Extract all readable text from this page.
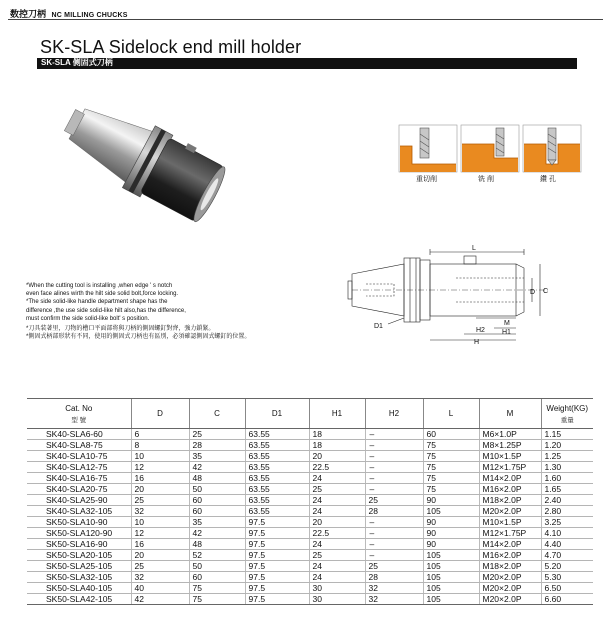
数控刀柄 NC MILLING CHUCKS
SK-SLA Sidelock end mill holder
SK-SLA 侧固式刀柄
重切削	铣 削	鑽 孔
L
D C
D1	M
H2 H1
H
*When the cutting tool is installing ,when edge ' s notch
even face alines wirth the hilt side solid bolt,force locking.
*The side solid-like handle department shape has the
difference ,the use side solid-like hilt also,has the difference,
must confirm the side solid-like bolt' s position.
*刀具装著里，刀物的槽口平面部将與刀柄的側固螺釘對齊，強力鎖緊。
*側固式柄部形狀有不同，使用的側固式刀柄也有區別，必須確認側固式螺釘的位置。
Cat. No
型 號	D	C	D1	H1	H2	L	M	Weight(KG)
重量

SK40-SLA6-60	6	25	63.55	18	–	60	M6×1.0P	1.15
SK40-SLA8-75	8	28	63.55	18	–	75	M8×1.25P	1.20
SK40-SLA10-75	10	35	63.55	20	–	75	M10×1.5P	1.25
SK40-SLA12-75	12	42	63.55	22.5	–	75	M12×1.75P	1.30
SK40-SLA16-75	16	48	63.55	24	–	75	M14×2.0P	1.60
SK40-SLA20-75	20	50	63.55	25	–	75	M16×2.0P	1.65
SK40-SLA25-90	25	60	63.55	24	25	90	M18×2.0P	2.40
SK40-SLA32-105	32	60	63.55	24	28	105	M20×2.0P	2.80
SK50-SLA10-90	10	35	97.5	20	–	90	M10×1.5P	3.25
SK50-SLA120-90	12	42	97.5	22.5	–	90	M12×1.75P	4.10
SK50-SLA16-90	16	48	97.5	24	–	90	M14×2.0P	4.40
SK50-SLA20-105	20	52	97.5	25	–	105	M16×2.0P	4.70
SK50-SLA25-105	25	50	97.5	24	25	105	M18×2.0P	5.20
SK50-SLA32-105	32	60	97.5	24	28	105	M20×2.0P	5.30
SK50-SLA40-105	40	75	97.5	30	32	105	M20×2.0P	6.50
SK50-SLA42-105	42	75	97.5	30	32	105	M20×2.0P	6.60
